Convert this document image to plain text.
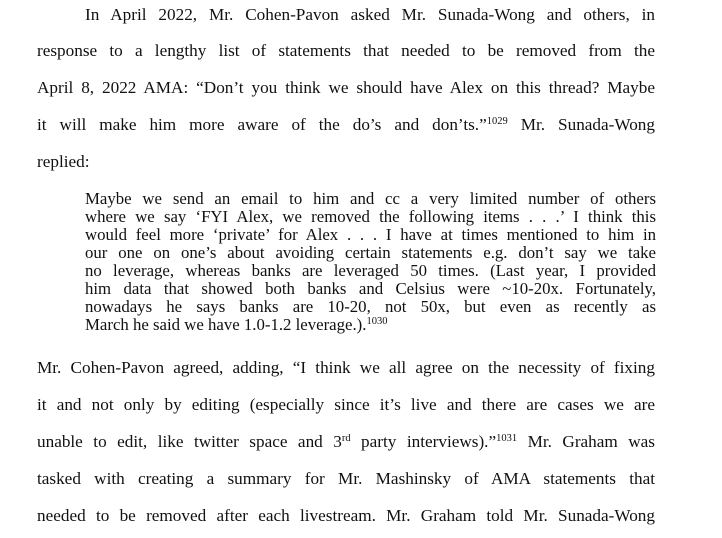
In April 2022, Mr. Cohen-Pavon asked Mr. Sunada-Wong and others, in
response to a lengthy list of statements that needed to be removed from the
April 8, 2022 AMA: “Don’t you think we should have Alex on this thread? Maybe
it will make him more aware of the do’s and don’ts.”$^{1029}$ Mr. Sunada-Wong
replied:
Maybe we send an email to him and cc a very limited number of others
where we say ‘FYI Alex, we removed the following items . . .’ I think this
would feel more ‘private’ for Alex . . . I have at times mentioned to him in
our one on one’s about avoiding certain statements e.g. don’t say we take
no leverage, whereas banks are leveraged 50 times. (Last year, I provided
him data that showed both banks and Celsius were ~10-20x. Fortunately,
nowadays he says banks are 10-20, not 50x, but even as recently as
March he said we have 1.0-1.2 leverage.).$^{1030}$
Mr. Cohen-Pavon agreed, adding, “I think we all agree on the necessity of fixing
it and not only by editing (especially since it’s live and there are cases we are
unable to edit, like twitter space and 3rd party interviews).”$^{1031}$ Mr. Graham was
tasked with creating a summary for Mr. Mashinsky of AMA statements that
needed to be removed after each livestream. Mr. Graham told Mr. Sunada-Wong
